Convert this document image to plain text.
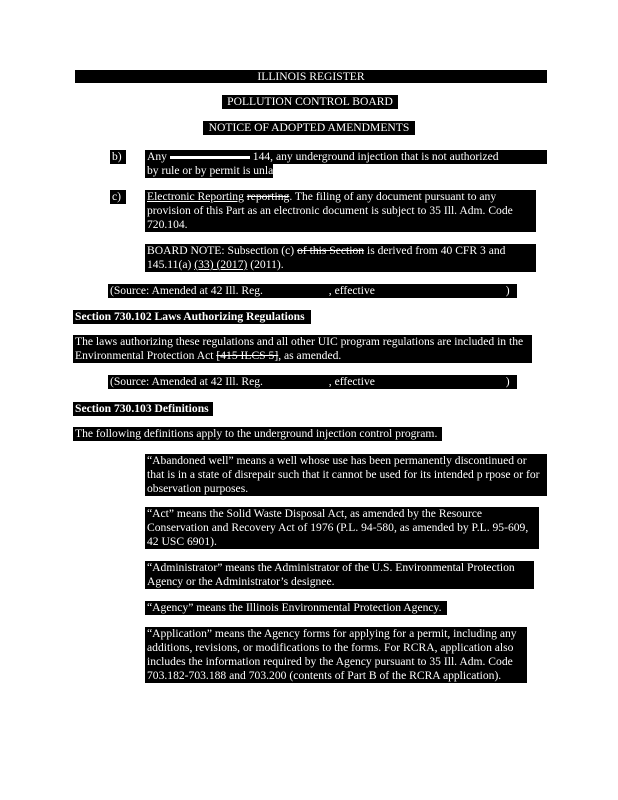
ILLINOIS REGISTER
POLLUTION CONTROL BOARD
NOTICE OF ADOPTED AMENDMENTS
b)	Any	144, any underground injection that is not authorized
by rule or by permit is unlawful.
c)	Electronic Reporting reporting. The filing of any document pursuant to any
provision of this Part as an electronic document is subject to 35 Ill. Adm. Code
720.104.
BOARD NOTE: Subsection (c) of this Section is derived from 40 CFR 3 and
145.11(a) (33) (2017) (2011).
(Source: Amended at 42 Ill. Reg.	, effective	)
Section 730.102 Laws Authorizing Regulations
The laws authorizing these regulations and all other UIC program regulations are included in the
Environmental Protection Act [415 ILCS 5], as amended.
(Source: Amended at 42 Ill. Reg.	, effective	)
Section 730.103 Definitions
The following definitions apply to the underground injection control program.
“Abandoned well” means a well whose use has been permanently discontinued or
that is in a state of disrepair such that it cannot be used for its intended p rpose or for
observation purposes.
“Act” means the Solid Waste Disposal Act, as amended by the Resource
Conservation and Recovery Act of 1976 (P.L. 94-580, as amended by P.L. 95-609,
42 USC 6901).
“Administrator” means the Administrator of the U.S. Environmental Protection
Agency or the Administrator’s designee.
“Agency” means the Illinois Environmental Protection Agency.
“Application” means the Agency forms for applying for a permit, including any
additions, revisions, or modifications to the forms. For RCRA, application also
includes the information required by the Agency pursuant to 35 Ill. Adm. Code
703.182-703.188 and 703.200 (contents of Part B of the RCRA application).
